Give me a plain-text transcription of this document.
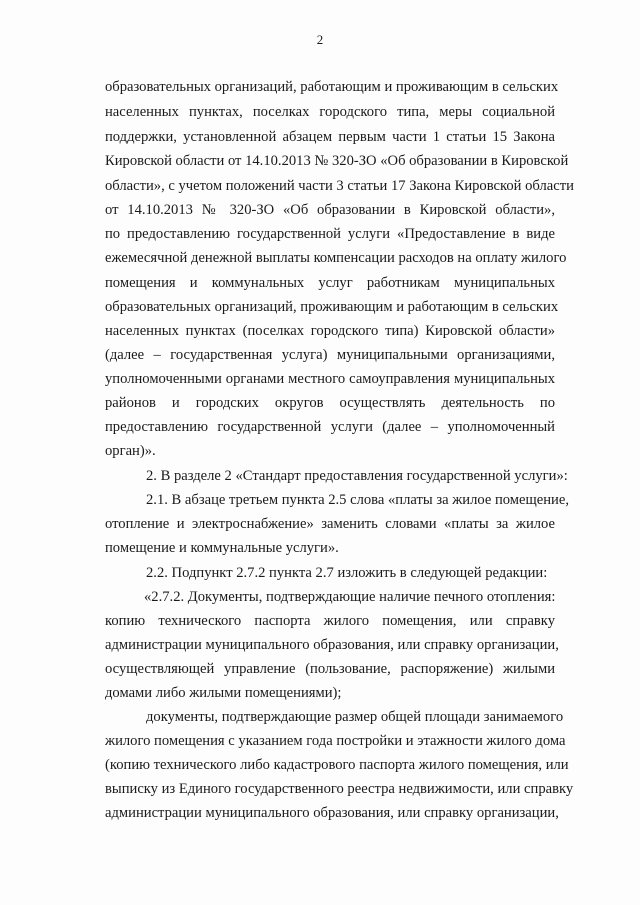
2
образовательных организаций, работающим и проживающим в сельских
населенных пунктах, поселках городского типа, меры социальной
поддержки, установленной абзацем первым части 1 статьи 15 Закона
Кировской области от 14.10.2013 № 320-ЗО «Об образовании в Кировской
области», с учетом положений части 3 статьи 17 Закона Кировской области
от 14.10.2013 № 320-ЗО «Об образовании в Кировской области»,
по предоставлению государственной услуги «Предоставление в виде
ежемесячной денежной выплаты компенсации расходов на оплату жилого
помещения и коммунальных услуг работникам муниципальных
образовательных организаций, проживающим и работающим в сельских
населенных пунктах (поселках городского типа) Кировской области»
(далее – государственная услуга) муниципальными организациями,
уполномоченными органами местного самоуправления муниципальных
районов и городских округов осуществлять деятельность по
предоставлению государственной услуги (далее – уполномоченный
орган)».
2. В разделе 2 «Стандарт предоставления государственной услуги»:
2.1. В абзаце третьем пункта 2.5 слова «платы за жилое помещение,
отопление и электроснабжение» заменить словами «платы за жилое
помещение и коммунальные услуги».
2.2. Подпункт 2.7.2 пункта 2.7 изложить в следующей редакции:
«2.7.2. Документы, подтверждающие наличие печного отопления:
копию технического паспорта жилого помещения, или справку
администрации муниципального образования, или справку организации,
осуществляющей управление (пользование, распоряжение) жилыми
домами либо жилыми помещениями);
документы, подтверждающие размер общей площади занимаемого
жилого помещения с указанием года постройки и этажности жилого дома
(копию технического либо кадастрового паспорта жилого помещения, или
выписку из Единого государственного реестра недвижимости, или справку
администрации муниципального образования, или справку организации,
